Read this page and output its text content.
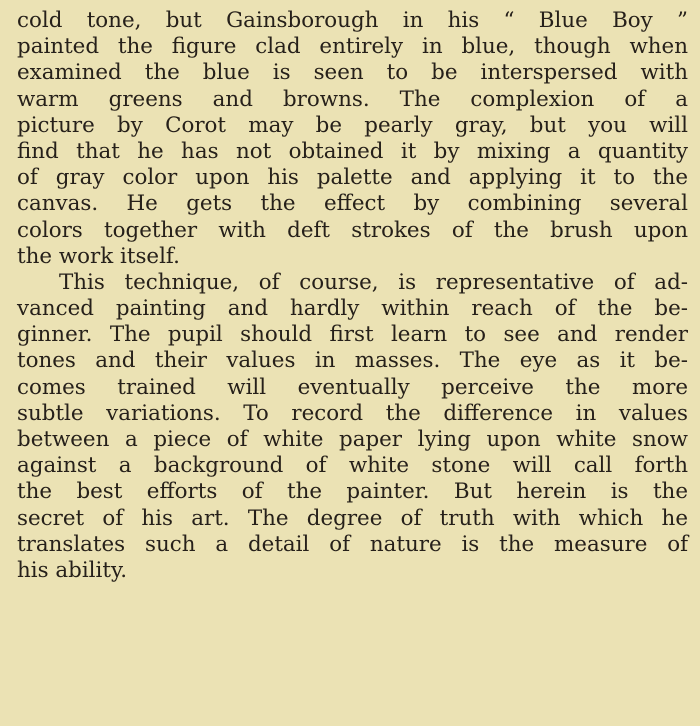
cold tone, but Gainsborough in his “ Blue Boy ”
painted the figure clad entirely in blue, though when
examined the blue is seen to be interspersed with
warm greens and browns. The complexion of a
picture by Corot may be pearly gray, but you will
find that he has not obtained it by mixing a quantity
of gray color upon his palette and applying it to the
canvas. He gets the effect by combining several
colors together with deft strokes of the brush upon
the work itself.
This technique, of course, is representative of ad-
vanced painting and hardly within reach of the be-
ginner. The pupil should first learn to see and render
tones and their values in masses. The eye as it be-
comes trained will eventually perceive the more
subtle variations. To record the difference in values
between a piece of white paper lying upon white snow
against a background of white stone will call forth
the best efforts of the painter. But herein is the
secret of his art. The degree of truth with which he
translates such a detail of nature is the measure of
his ability.
